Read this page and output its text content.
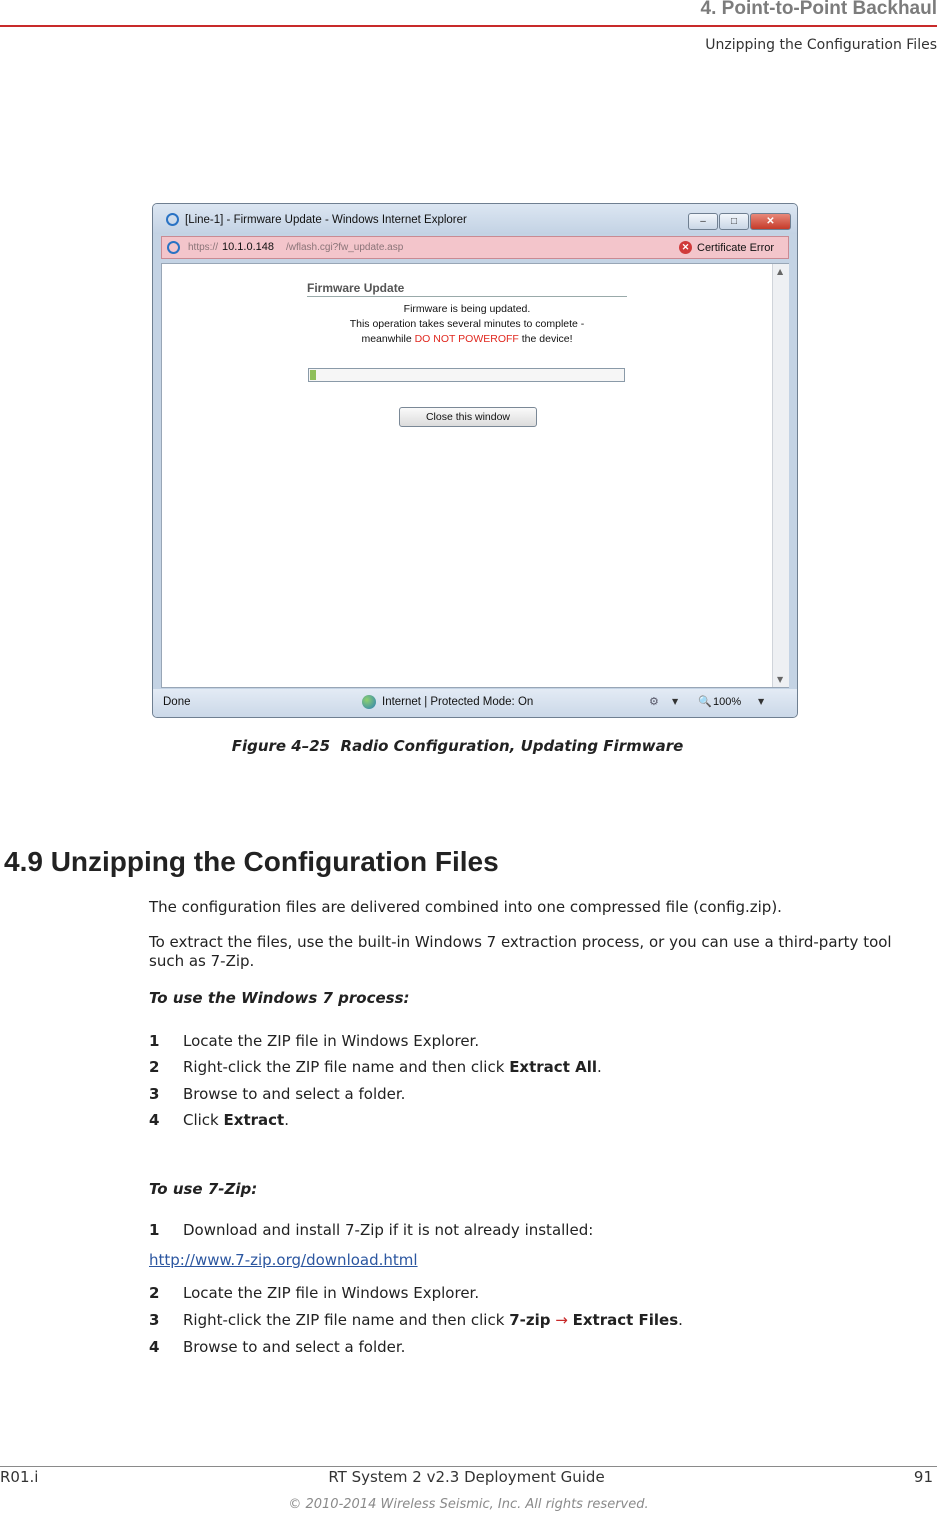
4. Point-to-Point Backhaul
Unzipping the Configuration Files
[Line-1] - Firmware Update - Windows Internet Explorer	–	□	✕
https:// 10.1.0.148 /wflash.cgi?fw_update.asp	✕ Certificate Error
Firmware Update
Firmware is being updated.
This operation takes several minutes to complete -
meanwhile DO NOT POWEROFF the device!
Close this window
▲
▼
Done	Internet | Protected Mode: On	⚙ ▼ 🔍 100% ▼
Figure 4–25  Radio Configuration, Updating Firmware
4.9 Unzipping the Configuration Files
The configuration files are delivered combined into one compressed file (config.zip).
To extract the files, use the built-in Windows 7 extraction process, or you can use a third-party tool such as 7-Zip.
To use the Windows 7 process:
1 Locate the ZIP file in Windows Explorer.
2 Right-click the ZIP file name and then click Extract All.
3 Browse to and select a folder.
4 Click Extract.
To use 7-Zip:
1 Download and install 7-Zip if it is not already installed:
http://www.7-zip.org/download.html
2 Locate the ZIP file in Windows Explorer.
3 Right-click the ZIP file name and then click 7-zip → Extract Files.
4 Browse to and select a folder.
R01.i	RT System 2 v2.3 Deployment Guide	91
© 2010-2014 Wireless Seismic, Inc. All rights reserved.
